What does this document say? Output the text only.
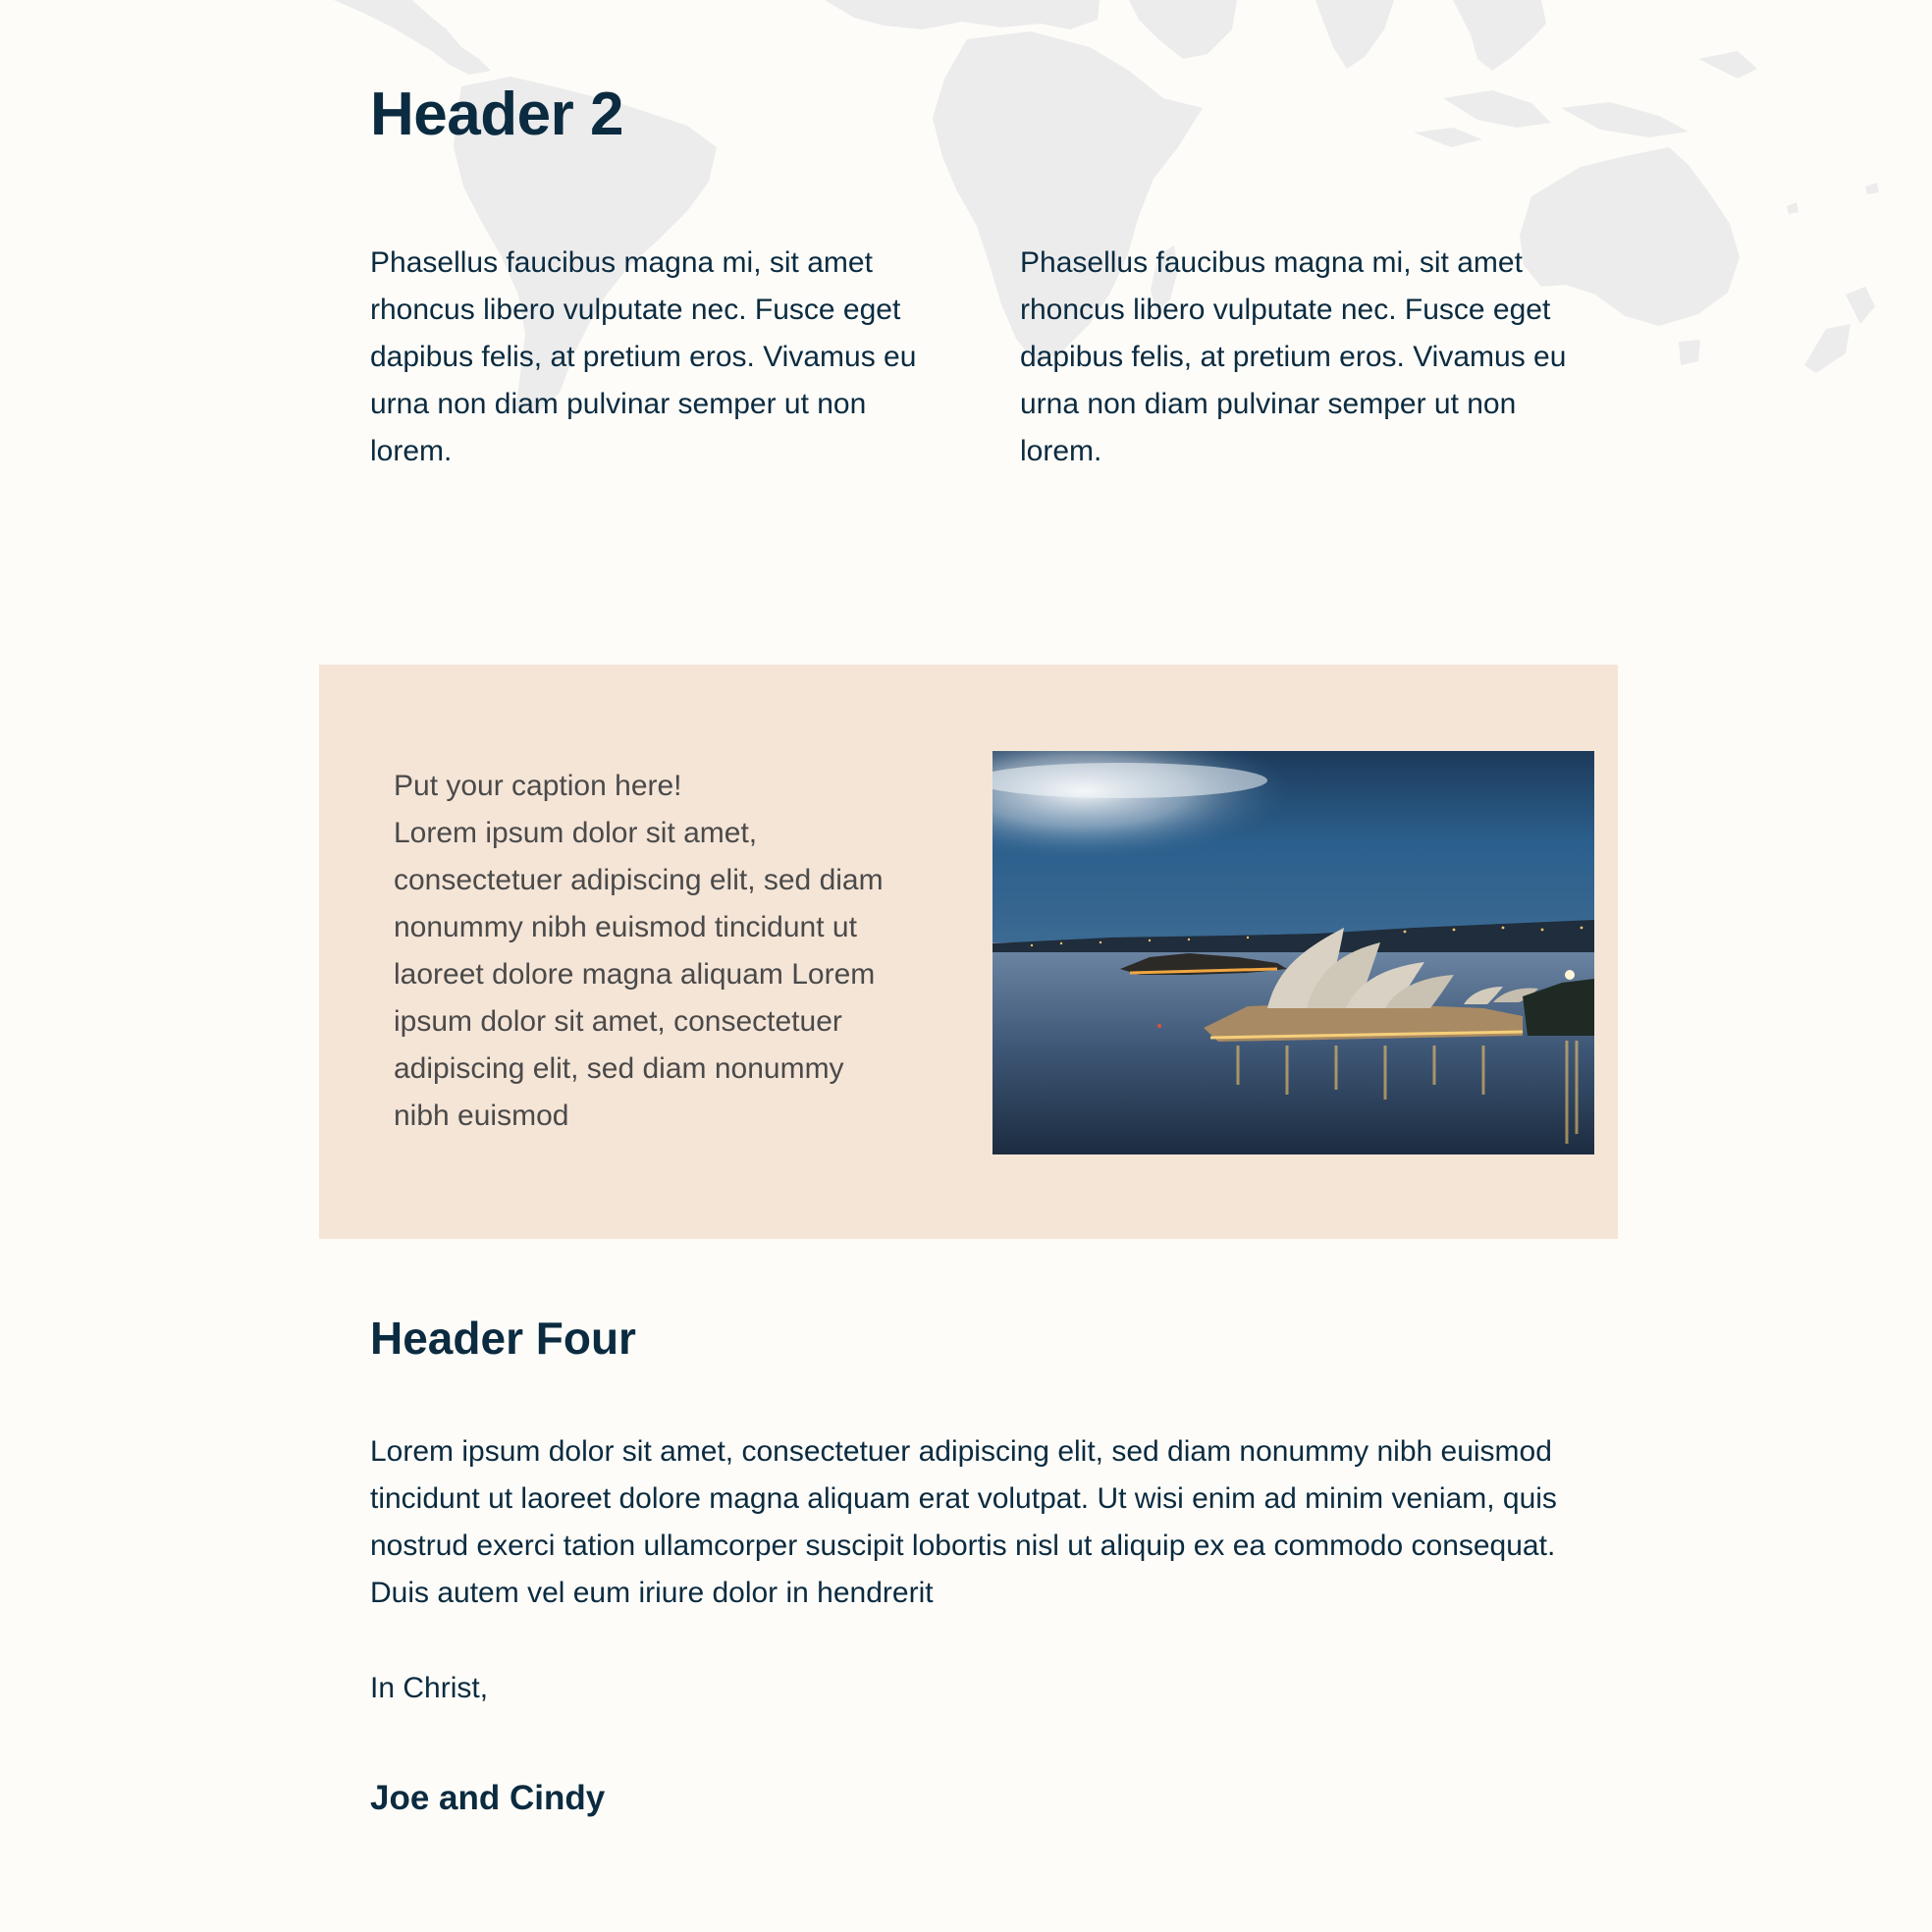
Header 2

Phasellus faucibus magna mi, sit amet rhoncus libero vulputate nec. Fusce eget dapibus felis, at pretium eros. Vivamus eu urna non diam pulvinar semper ut non lorem.

Phasellus faucibus magna mi, sit amet rhoncus libero vulputate nec. Fusce eget dapibus felis, at pretium eros. Vivamus eu urna non diam pulvinar semper ut non lorem.

Put your caption here!

Lorem ipsum dolor sit amet, consectetuer adipiscing elit, sed diam nonummy nibh euismod tincidunt ut laoreet dolore magna aliquam Lorem ipsum dolor sit amet, consectetuer adipiscing elit, sed diam nonummy nibh euismod

Header Four

Lorem ipsum dolor sit amet, consectetuer adipiscing elit, sed diam nonummy nibh euismod tincidunt ut laoreet dolore magna aliquam erat volutpat. Ut wisi enim ad minim veniam, quis nostrud exerci tation ullamcorper suscipit lobortis nisl ut aliquip ex ea commodo consequat. Duis autem vel eum iriure dolor in hendrerit

In Christ,

Joe and Cindy
